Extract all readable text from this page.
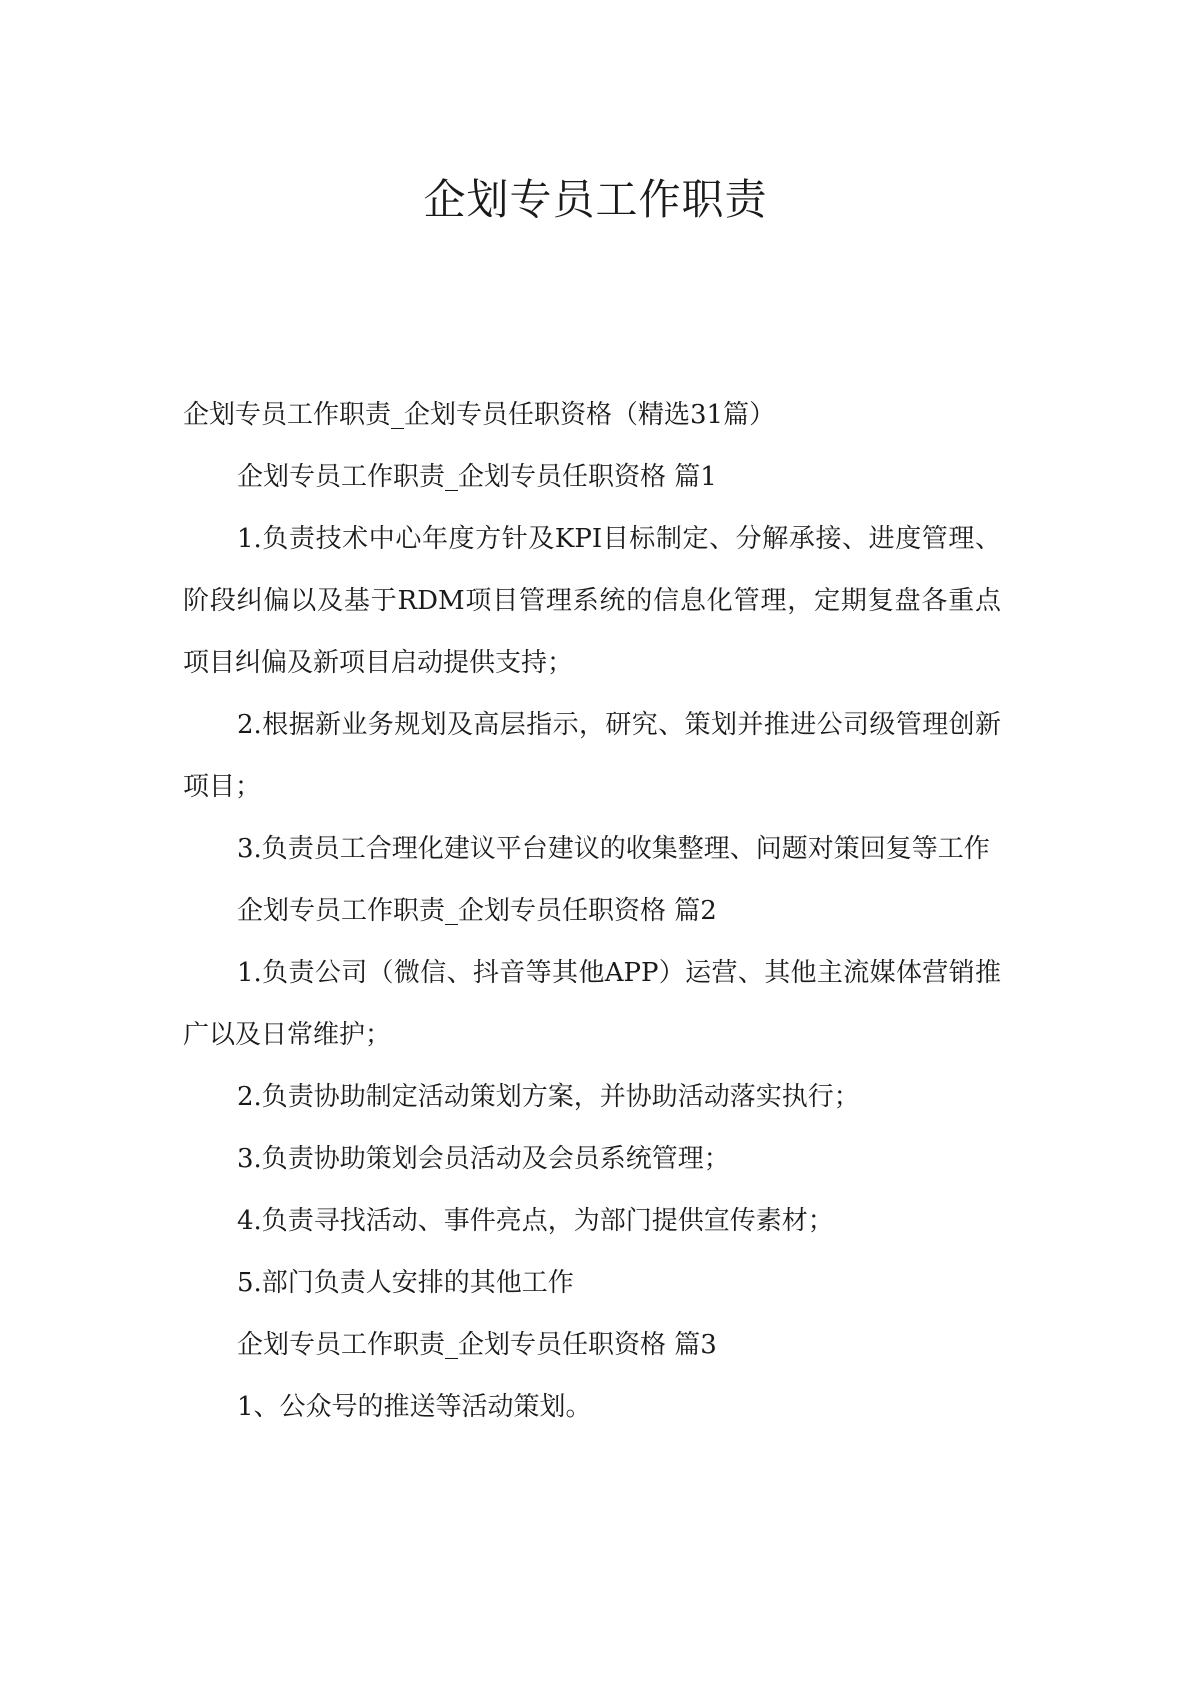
企划专员工作职责

企划专员工作职责_企划专员任职资格（精选31篇）

企划专员工作职责_企划专员任职资格 篇1

1.负责技术中心年度方针及KPI目标制定、分解承接、进度管理、阶段纠偏以及基于RDM项目管理系统的信息化管理，定期复盘各重点项目纠偏及新项目启动提供支持；

2.根据新业务规划及高层指示，研究、策划并推进公司级管理创新项目；

3.负责员工合理化建议平台建议的收集整理、问题对策回复等工作

企划专员工作职责_企划专员任职资格 篇2

1.负责公司（微信、抖音等其他APP）运营、其他主流媒体营销推广以及日常维护；

2.负责协助制定活动策划方案，并协助活动落实执行；

3.负责协助策划会员活动及会员系统管理；

4.负责寻找活动、事件亮点，为部门提供宣传素材；

5.部门负责人安排的其他工作

企划专员工作职责_企划专员任职资格 篇3

1、公众号的推送等活动策划。
